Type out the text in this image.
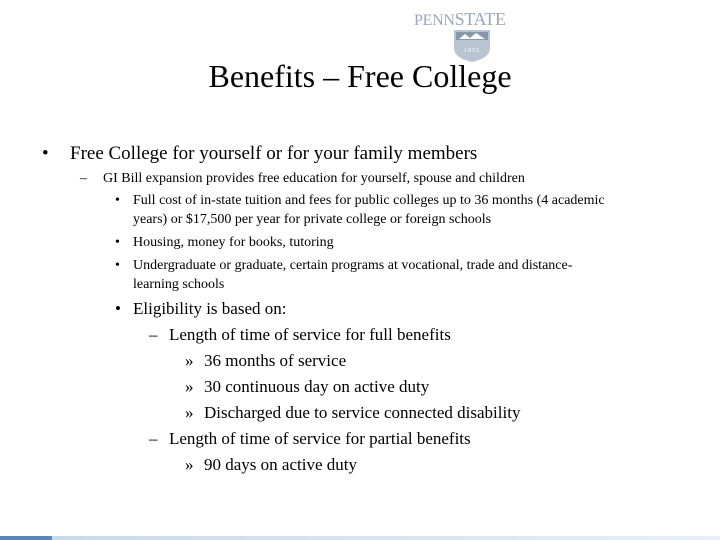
PENNSTATE
1855
Benefits – Free College
• Free College for yourself or for your family members
– GI Bill expansion provides free education for yourself, spouse and children
• Full cost of in-state tuition and fees for public colleges up to 36 months (4 academic
years) or $17,500 per year for private college or foreign schools
• Housing, money for books, tutoring
• Undergraduate or graduate, certain programs at vocational, trade and distance-
learning schools
• Eligibility is based on:
– Length of time of service for full benefits
» 36 months of service
» 30 continuous day on active duty
» Discharged due to service connected disability
– Length of time of service for partial benefits
» 90 days on active duty
